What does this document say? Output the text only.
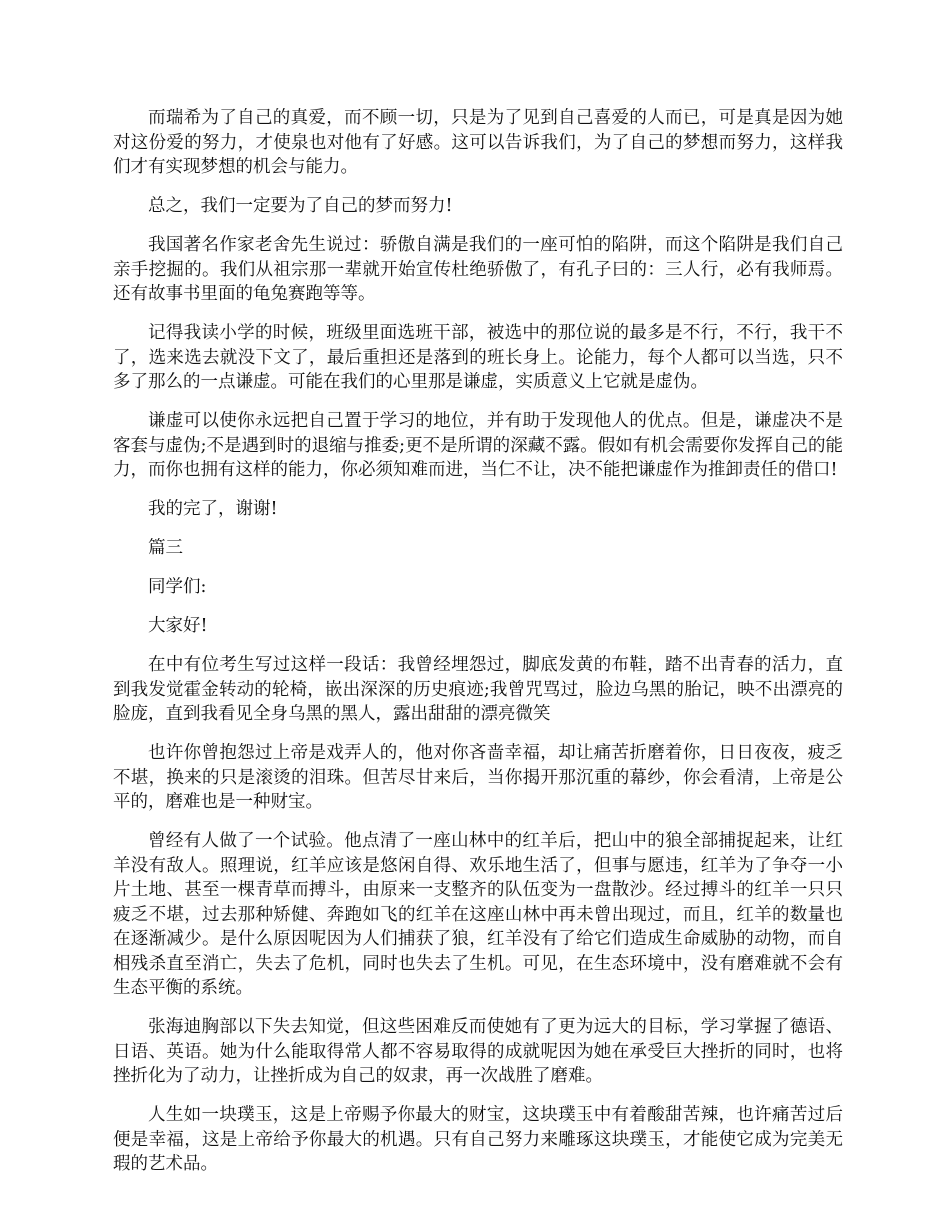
而瑞希为了自己的真爱，而不顾一切，只是为了见到自己喜爱的人而已，可是真是因为她对这份爱的努力，才使泉也对他有了好感。这可以告诉我们，为了自己的梦想而努力，这样我们才有实现梦想的机会与能力。

总之，我们一定要为了自己的梦而努力!

我国著名作家老舍先生说过：骄傲自满是我们的一座可怕的陷阱，而这个陷阱是我们自己亲手挖掘的。我们从祖宗那一辈就开始宣传杜绝骄傲了，有孔子曰的：三人行，必有我师焉。还有故事书里面的龟兔赛跑等等。

记得我读小学的时候，班级里面选班干部，被选中的那位说的最多是不行，不行，我干不了，选来选去就没下文了，最后重担还是落到的班长身上。论能力，每个人都可以当选，只不多了那么的一点谦虚。可能在我们的心里那是谦虚，实质意义上它就是虚伪。

谦虚可以使你永远把自己置于学习的地位，并有助于发现他人的优点。但是，谦虚决不是客套与虚伪;不是遇到时的退缩与推委;更不是所谓的深藏不露。假如有机会需要你发挥自己的能力，而你也拥有这样的能力，你必须知难而进，当仁不让，决不能把谦虚作为推卸责任的借口!

我的完了，谢谢!

篇三

同学们:

大家好!

在中有位考生写过这样一段话：我曾经埋怨过，脚底发黄的布鞋，踏不出青春的活力，直到我发觉霍金转动的轮椅，嵌出深深的历史痕迹;我曾咒骂过，脸边乌黑的胎记，映不出漂亮的脸庞，直到我看见全身乌黑的黑人，露出甜甜的漂亮微笑

也许你曾抱怨过上帝是戏弄人的，他对你吝啬幸福，却让痛苦折磨着你，日日夜夜，疲乏不堪，换来的只是滚烫的泪珠。但苦尽甘来后，当你揭开那沉重的幕纱，你会看清，上帝是公平的，磨难也是一种财宝。

曾经有人做了一个试验。他点清了一座山林中的红羊后，把山中的狼全部捕捉起来，让红羊没有敌人。照理说，红羊应该是悠闲自得、欢乐地生活了，但事与愿违，红羊为了争夺一小片土地、甚至一棵青草而搏斗，由原来一支整齐的队伍变为一盘散沙。经过搏斗的红羊一只只疲乏不堪，过去那种矫健、奔跑如飞的红羊在这座山林中再未曾出现过，而且，红羊的数量也在逐渐减少。是什么原因呢因为人们捕获了狼，红羊没有了给它们造成生命威胁的动物，而自相残杀直至消亡，失去了危机，同时也失去了生机。可见，在生态环境中，没有磨难就不会有生态平衡的系统。

张海迪胸部以下失去知觉，但这些困难反而使她有了更为远大的目标，学习掌握了德语、日语、英语。她为什么能取得常人都不容易取得的成就呢因为她在承受巨大挫折的同时，也将挫折化为了动力，让挫折成为自己的奴隶，再一次战胜了磨难。

人生如一块璞玉，这是上帝赐予你最大的财宝，这块璞玉中有着酸甜苦辣，也许痛苦过后便是幸福，这是上帝给予你最大的机遇。只有自己努力来雕琢这块璞玉，才能使它成为完美无瑕的艺术品。
